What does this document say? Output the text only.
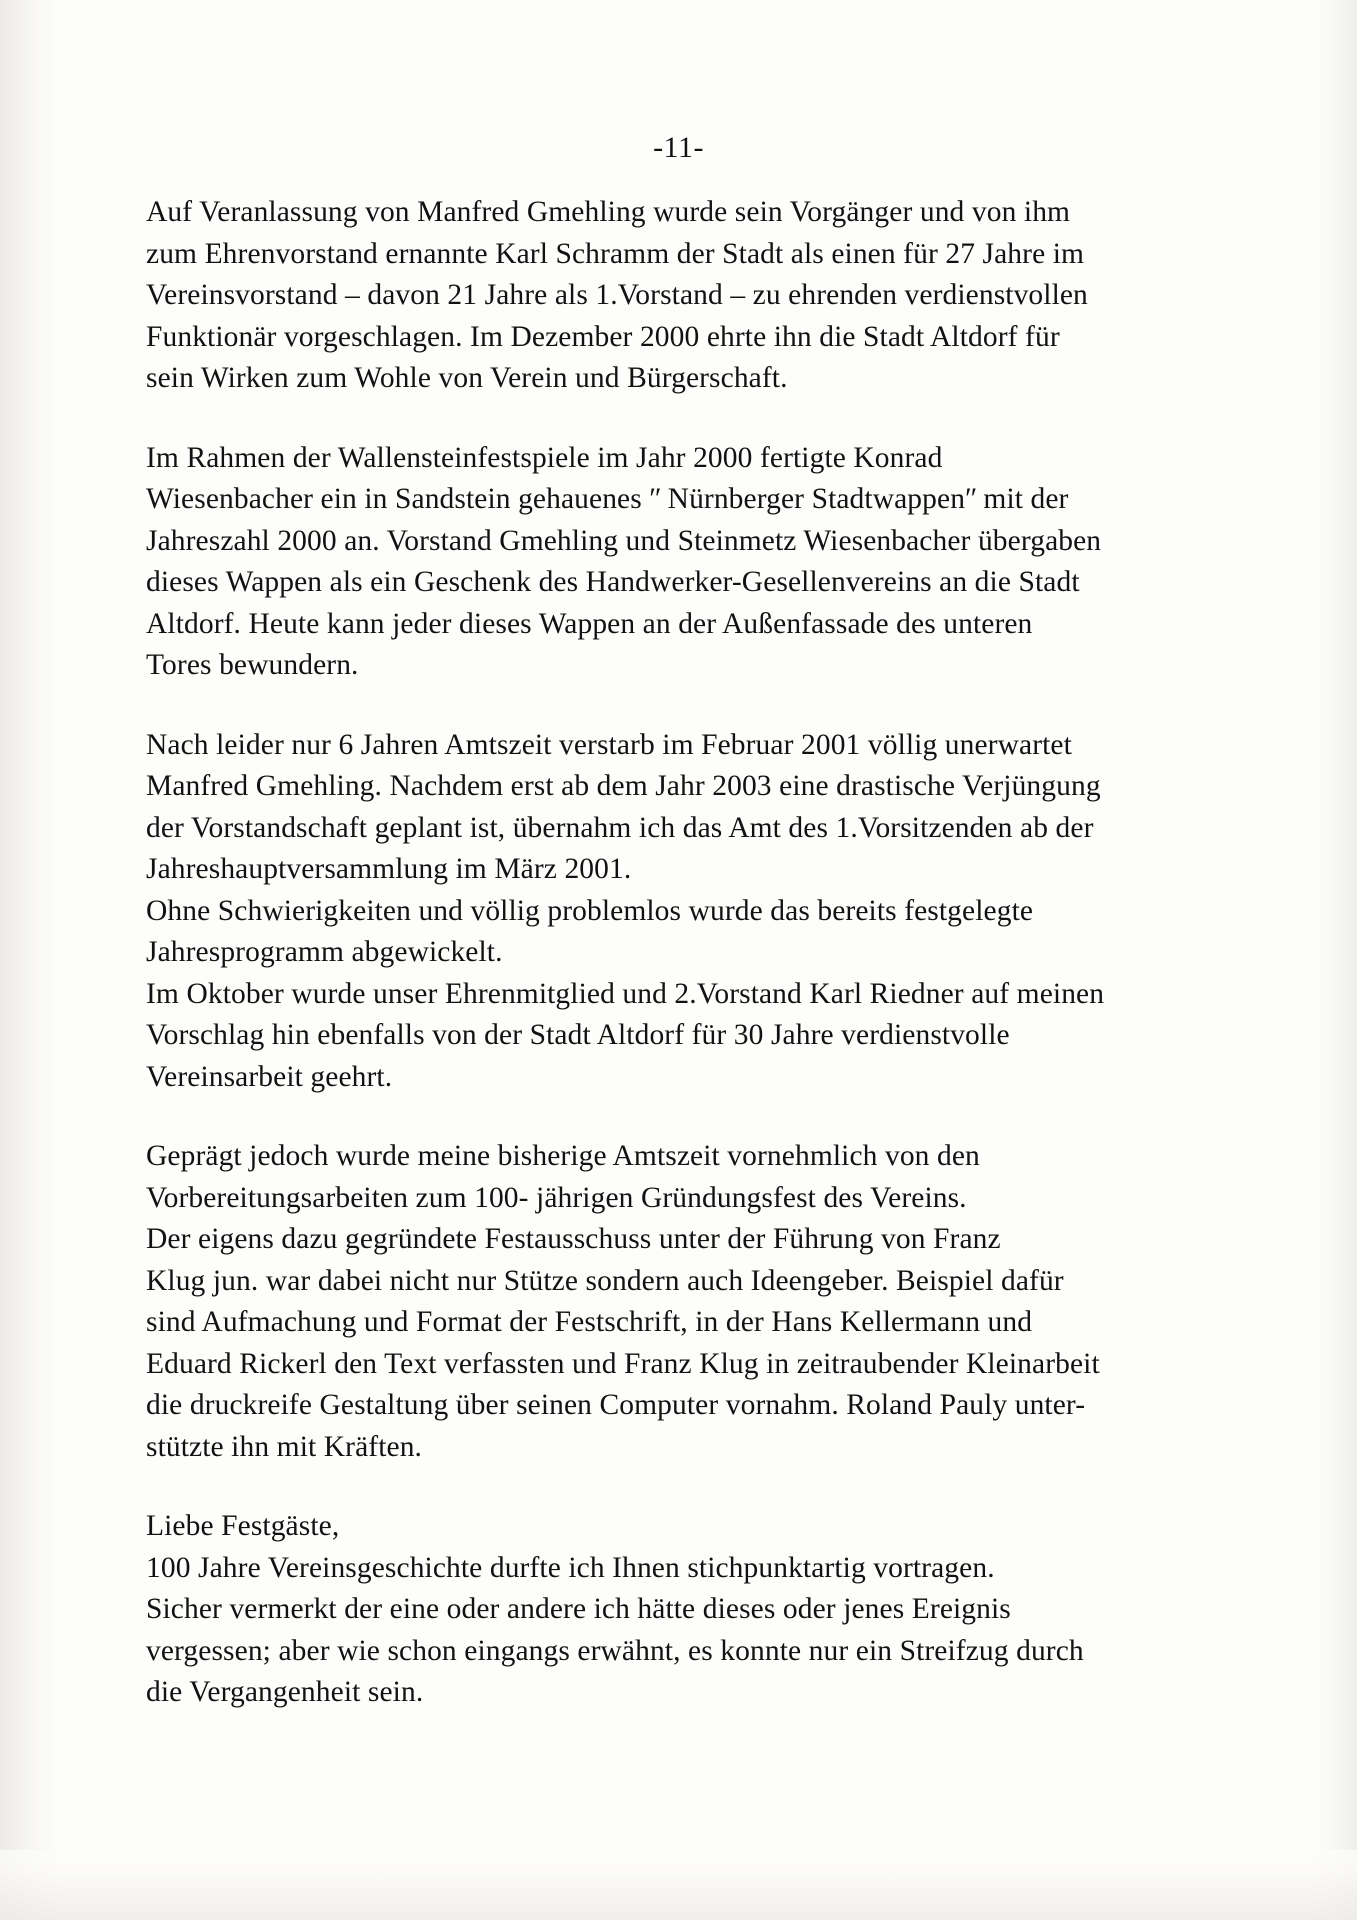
-11-

Auf Veranlassung von Manfred Gmehling wurde sein Vorgänger und von ihm
zum Ehrenvorstand ernannte Karl Schramm der Stadt als einen für 27 Jahre im
Vereinsvorstand – davon 21 Jahre als 1.Vorstand – zu ehrenden verdienstvollen
Funktionär vorgeschlagen. Im Dezember 2000 ehrte ihn die Stadt Altdorf für
sein Wirken zum Wohle von Verein und Bürgerschaft.

Im Rahmen der Wallensteinfestspiele im Jahr 2000 fertigte Konrad
Wiesenbacher ein in Sandstein gehauenes ʺ Nürnberger Stadtwappenʺ mit der
Jahreszahl 2000 an. Vorstand Gmehling und Steinmetz Wiesenbacher übergaben
dieses Wappen als ein Geschenk des Handwerker-Gesellenvereins an die Stadt
Altdorf. Heute kann jeder dieses Wappen an der Außenfassade des unteren
Tores bewundern.

Nach leider nur 6 Jahren Amtszeit verstarb im Februar 2001 völlig unerwartet
Manfred Gmehling. Nachdem erst ab dem Jahr 2003 eine drastische Verjüngung
der Vorstandschaft geplant ist, übernahm ich das Amt des 1.Vorsitzenden ab der
Jahreshauptversammlung im März 2001.
Ohne Schwierigkeiten und völlig problemlos wurde das bereits festgelegte
Jahresprogramm abgewickelt.
Im Oktober wurde unser Ehrenmitglied und 2.Vorstand Karl Riedner auf meinen
Vorschlag hin ebenfalls von der Stadt Altdorf für 30 Jahre verdienstvolle
Vereinsarbeit geehrt.

Geprägt jedoch wurde meine bisherige Amtszeit vornehmlich von den
Vorbereitungsarbeiten zum 100- jährigen Gründungsfest des Vereins.
Der eigens dazu gegründete Festausschuss unter der Führung von Franz
Klug jun. war dabei nicht nur Stütze sondern auch Ideengeber. Beispiel dafür
sind Aufmachung und Format der Festschrift, in der Hans Kellermann und
Eduard Rickerl den Text verfassten und Franz Klug in zeitraubender Kleinarbeit
die druckreife Gestaltung über seinen Computer vornahm. Roland Pauly unter-
stützte ihn mit Kräften.

Liebe Festgäste,
100 Jahre Vereinsgeschichte durfte ich Ihnen stichpunktartig vortragen.
Sicher vermerkt der eine oder andere ich hätte dieses oder jenes Ereignis
vergessen; aber wie schon eingangs erwähnt, es konnte nur ein Streifzug durch
die Vergangenheit sein.
